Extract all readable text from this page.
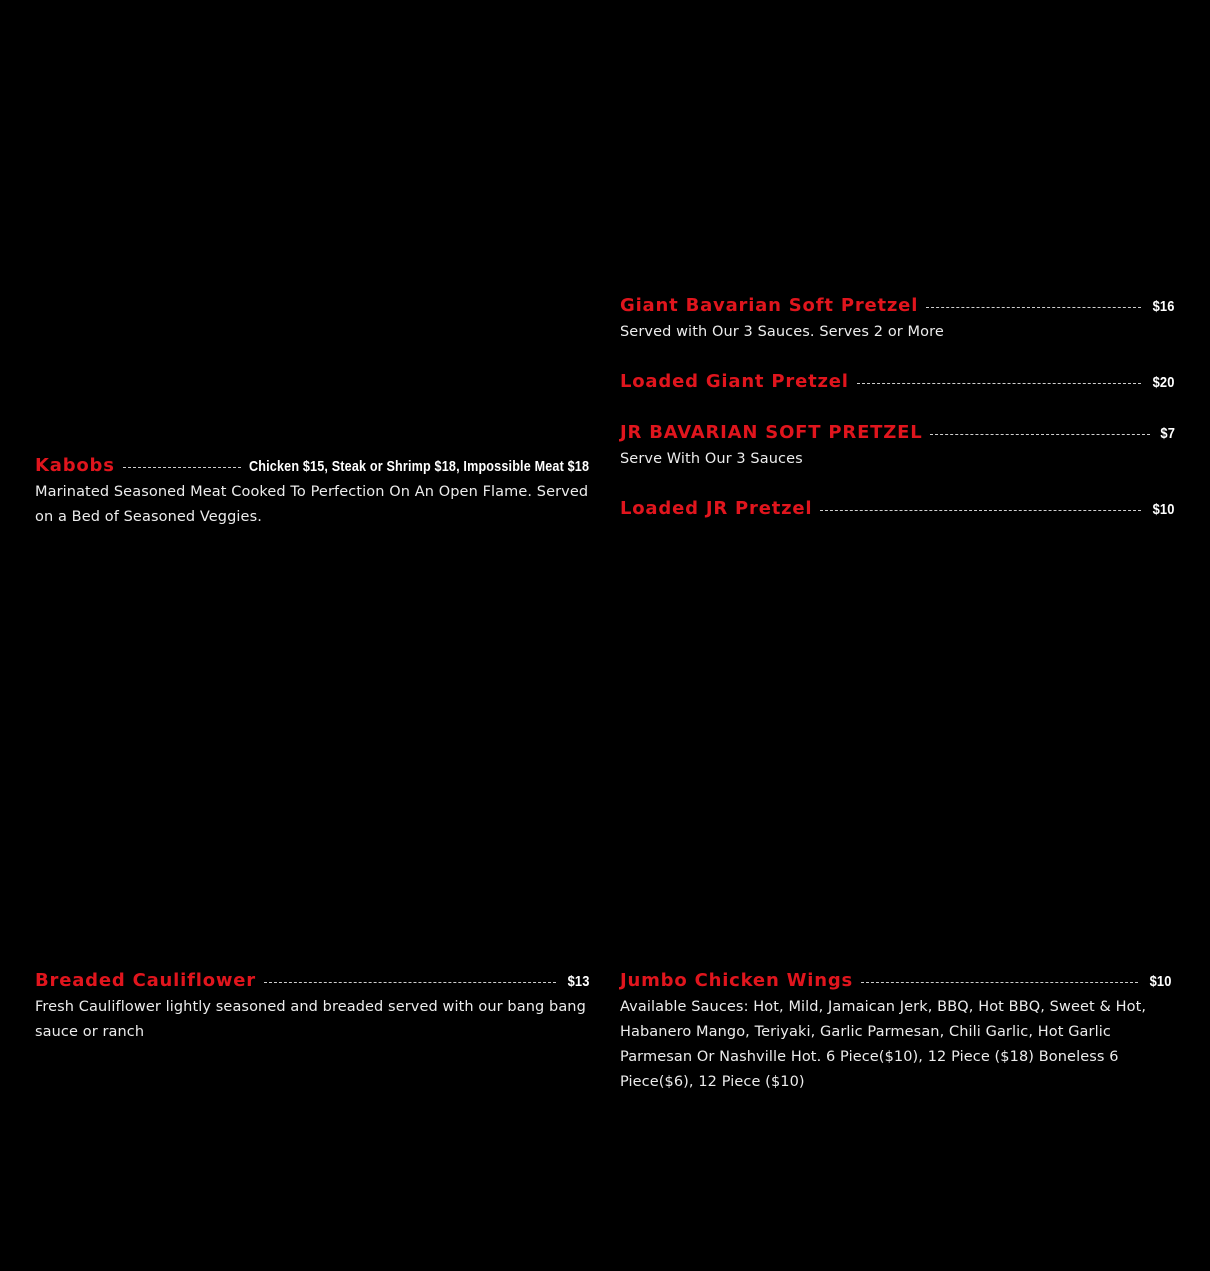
Giant Bavarian Soft Pretzel	$16
Served with Our 3 Sauces. Serves 2 or More
Loaded Giant Pretzel	$20
JR BAVARIAN SOFT PRETZEL	$7
Serve With Our 3 Sauces
Loaded JR Pretzel	$10
Kabobs	Chicken $15, Steak or Shrimp $18, Impossible Meat $18
Marinated Seasoned Meat Cooked To Perfection On An Open Flame. Served on a Bed of Seasoned Veggies.
Breaded Cauliflower	$13
Fresh Cauliflower lightly seasoned and breaded served with our bang bang sauce or ranch
Jumbo Chicken Wings	$10
Available Sauces: Hot, Mild, Jamaican Jerk, BBQ, Hot BBQ, Sweet & Hot, Habanero Mango, Teriyaki, Garlic Parmesan, Chili Garlic, Hot Garlic Parmesan Or Nashville Hot. 6 Piece($10), 12 Piece ($18) Boneless 6 Piece($6), 12 Piece ($10)
